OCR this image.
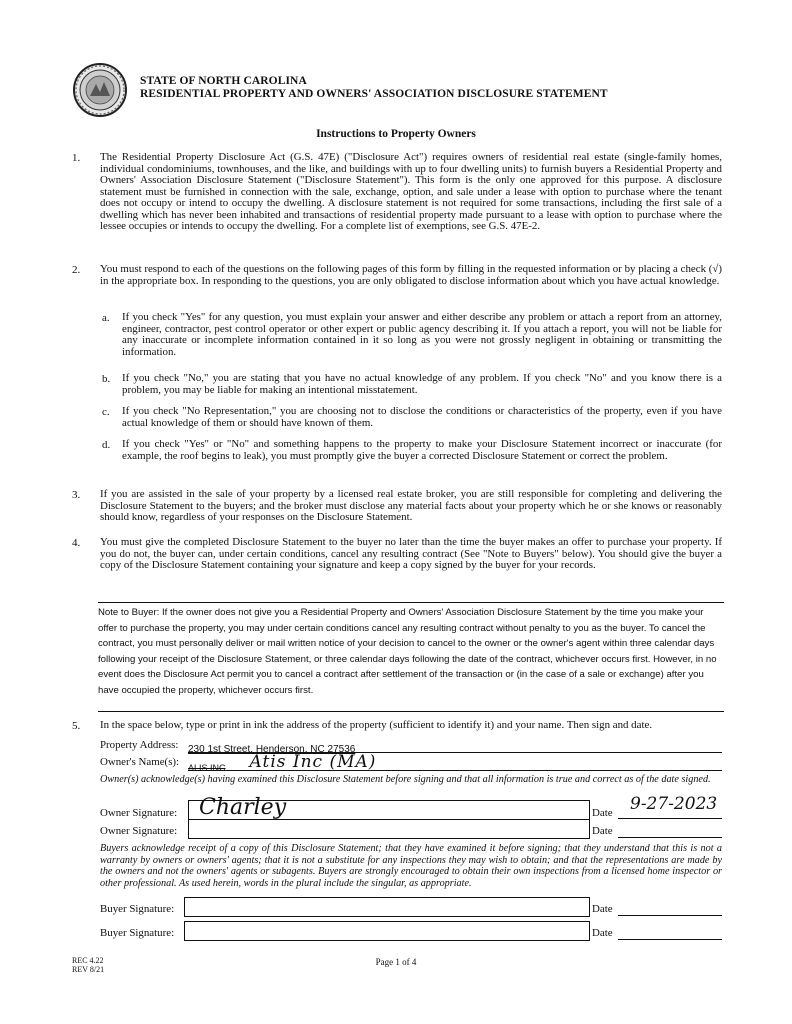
STATE OF NORTH CAROLINA
RESIDENTIAL PROPERTY AND OWNERS' ASSOCIATION DISCLOSURE STATEMENT
Instructions to Property Owners
1. The Residential Property Disclosure Act (G.S. 47E) ("Disclosure Act") requires owners of residential real estate (single-family homes, individual condominiums, townhouses, and the like, and buildings with up to four dwelling units) to furnish buyers a Residential Property and Owners' Association Disclosure Statement ("Disclosure Statement"). This form is the only one approved for this purpose. A disclosure statement must be furnished in connection with the sale, exchange, option, and sale under a lease with option to purchase where the tenant does not occupy or intend to occupy the dwelling. A disclosure statement is not required for some transactions, including the first sale of a dwelling which has never been inhabited and transactions of residential property made pursuant to a lease with option to purchase where the lessee occupies or intends to occupy the dwelling. For a complete list of exemptions, see G.S. 47E-2.
2. You must respond to each of the questions on the following pages of this form by filling in the requested information or by placing a check (√) in the appropriate box. In responding to the questions, you are only obligated to disclose information about which you have actual knowledge.
a. If you check "Yes" for any question, you must explain your answer and either describe any problem or attach a report from an attorney, engineer, contractor, pest control operator or other expert or public agency describing it. If you attach a report, you will not be liable for any inaccurate or incomplete information contained in it so long as you were not grossly negligent in obtaining or transmitting the information.
b. If you check "No," you are stating that you have no actual knowledge of any problem. If you check "No" and you know there is a problem, you may be liable for making an intentional misstatement.
c. If you check "No Representation," you are choosing not to disclose the conditions or characteristics of the property, even if you have actual knowledge of them or should have known of them.
d. If you check "Yes" or "No" and something happens to the property to make your Disclosure Statement incorrect or inaccurate (for example, the roof begins to leak), you must promptly give the buyer a corrected Disclosure Statement or correct the problem.
3. If you are assisted in the sale of your property by a licensed real estate broker, you are still responsible for completing and delivering the Disclosure Statement to the buyers; and the broker must disclose any material facts about your property which he or she knows or reasonably should know, regardless of your responses on the Disclosure Statement.
4. You must give the completed Disclosure Statement to the buyer no later than the time the buyer makes an offer to purchase your property. If you do not, the buyer can, under certain conditions, cancel any resulting contract (See "Note to Buyers" below). You should give the buyer a copy of the Disclosure Statement containing your signature and keep a copy signed by the buyer for your records.
Note to Buyer: If the owner does not give you a Residential Property and Owners' Association Disclosure Statement by the time you make your offer to purchase the property, you may under certain conditions cancel any resulting contract without penalty to you as the buyer. To cancel the contract, you must personally deliver or mail written notice of your decision to cancel to the owner or the owner's agent within three calendar days following your receipt of the Disclosure Statement, or three calendar days following the date of the contract, whichever occurs first. However, in no event does the Disclosure Act permit you to cancel a contract after settlement of the transaction or (in the case of a sale or exchange) after you have occupied the property, whichever occurs first.
5. In the space below, type or print in ink the address of the property (sufficient to identify it) and your name. Then sign and date.
Property Address: 230 1st Street, Henderson, NC 27536
Owner's Name(s): $_{ALIS INC}$ Atis Inc (MA)
Owner(s) acknowledge(s) having examined this Disclosure Statement before signing and that all information is true and correct as of the date signed.
Owner Signature: Charley	Date 9-27-2023
Owner Signature:	Date
Buyers acknowledge receipt of a copy of this Disclosure Statement; that they have examined it before signing; that they understand that this is not a warranty by owners or owners' agents; that it is not a substitute for any inspections they may wish to obtain; and that the representations are made by the owners and not the owners' agents or subagents. Buyers are strongly encouraged to obtain their own inspections from a licensed home inspector or other professional. As used herein, words in the plural include the singular, as appropriate.
Buyer Signature:	Date
Buyer Signature:	Date
REC 4.22
REV 8/21
Page 1 of 4
